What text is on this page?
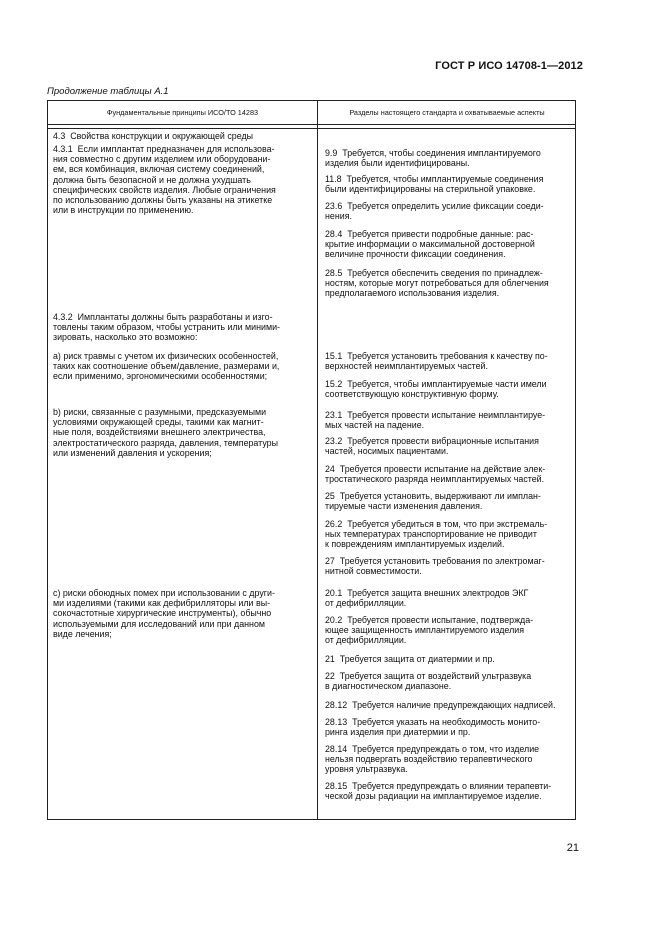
ГОСТ Р ИСО 14708-1—2012
Продолжение таблицы А.1
Фундаментальные принципы ИСО/ТО 14283	Разделы настоящего стандарта и охватываемые аспекты
4.3  Свойства конструкции и окружающей среды
4.3.1  Если имплантат предназначен для использова-
ния совместно с другим изделием или оборудовани-
ем, вся комбинация, включая систему соединений,
должна быть безопасной и не должна ухудшать
специфических свойств изделия. Любые ограничения
по использованию должны быть указаны на этикетке
или в инструкции по применению.
4.3.2  Имплантаты должны быть разработаны и изго-
товлены таким образом, чтобы устранить или миними-
зировать, насколько это возможно:
a) риск травмы с учетом их физических особенностей,
таких как соотношение объем/давление, размерами и,
если применимо, эргономическими особенностями;
b) риски, связанные с разумными, предсказуемыми
условиями окружающей среды, такими как магнит-
ные поля, воздействиями внешнего электричества,
электростатического разряда, давления, температуры
или изменений давления и ускорения;
c) риски обоюдных помех при использовании с други-
ми изделиями (такими как дефибрилляторы или вы-
сокочастотные хирургические инструменты), обычно
используемыми для исследований или при данном
виде лечения;
9.9  Требуется, чтобы соединения имплантируемого
изделия были идентифицированы.
11.8  Требуется, чтобы имплантируемые соединения
были идентифицированы на стерильной упаковке.
23.6  Требуется определить усилие фиксации соеди-
нения.
28.4  Требуется привести подробные данные: рас-
крытие информации о максимальной достоверной
величине прочности фиксации соединения.
28.5  Требуется обеспечить сведения по принадлеж-
ностям, которые могут потребоваться для облегчения
предполагаемого использования изделия.
15.1  Требуется установить требования к качеству по-
верхностей неимплантируемых частей.
15.2  Требуется, чтобы имплантируемые части имели
соответствующую конструктивную форму.
23.1  Требуется провести испытание неимплантируе-
мых частей на падение.
23.2  Требуется провести вибрационные испытания
частей, носимых пациентами.
24  Требуется провести испытание на действие элек-
тростатического разряда неимплантируемых частей.
25  Требуется установить, выдерживают ли имплан-
тируемые части изменения давления.
26.2  Требуется убедиться в том, что при экстремаль-
ных температурах транспортирование не приводит
к повреждениям имплантируемых изделий.
27  Требуется установить требования по электромаг-
нитной совместимости.
20.1  Требуется защита внешних электродов ЭКГ
от дефибрилляции.
20.2  Требуется провести испытание, подтвержда-
ющее защищенность имплантируемого изделия
от дефибрилляции.
21  Требуется защита от диатермии и пр.
22  Требуется защита от воздействий ультразвука
в диагностическом диапазоне.
28.12  Требуется наличие предупреждающих надписей.
28.13  Требуется указать на необходимость монито-
ринга изделия при диатермии и пр.
28.14  Требуется предупреждать о том, что изделие
нельзя подвергать воздействию терапевтического
уровня ультразвука.
28.15  Требуется предупреждать о влиянии терапевти-
ческой дозы радиации на имплантируемое изделие.
21
